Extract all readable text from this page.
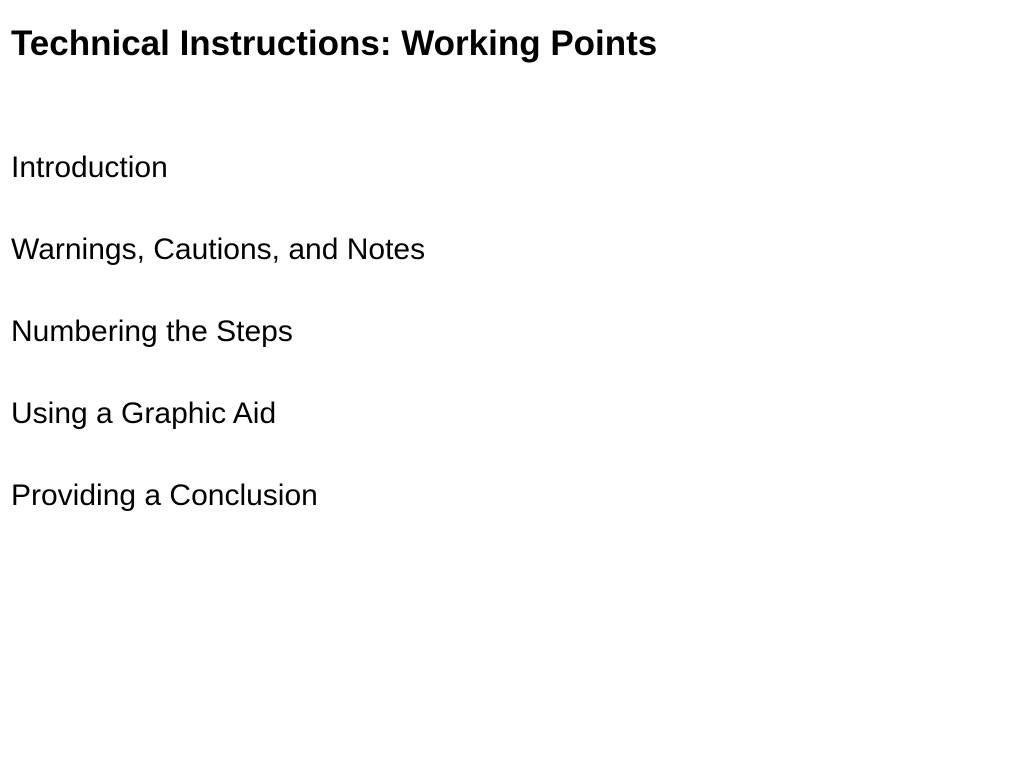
Technical Instructions: Working Points
Introduction
Warnings, Cautions, and Notes
Numbering the Steps
Using a Graphic Aid
Providing a Conclusion
